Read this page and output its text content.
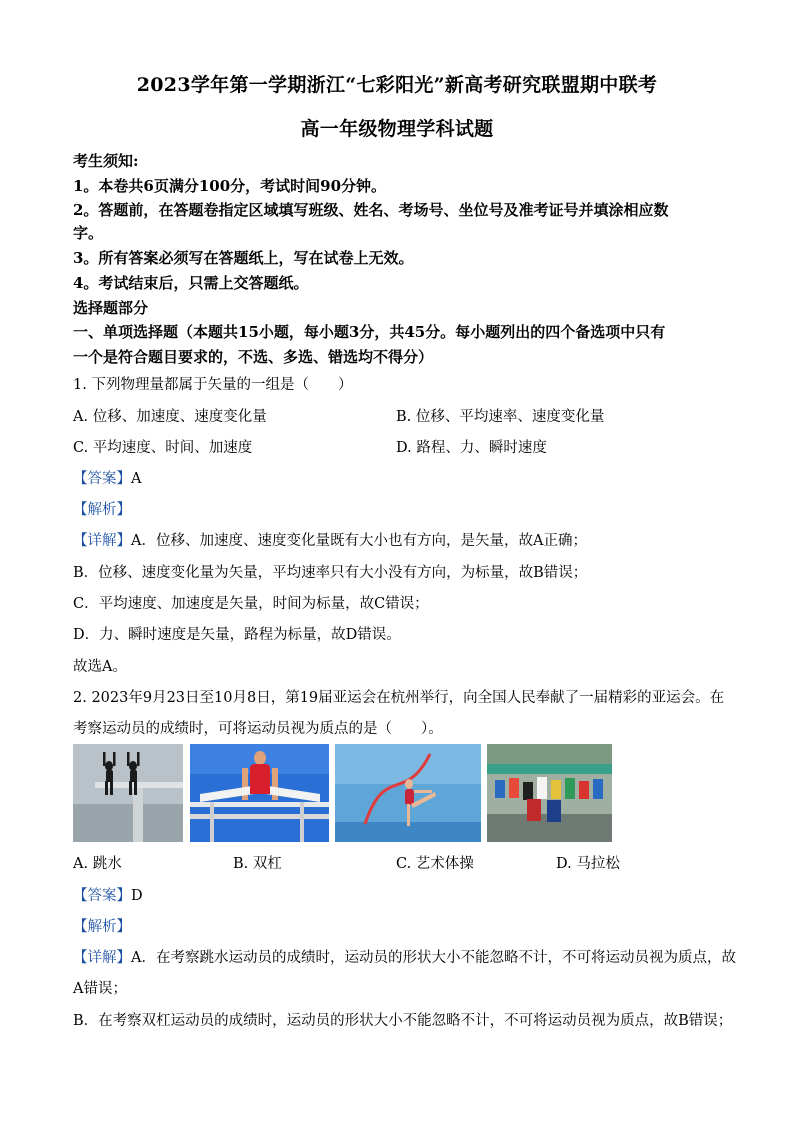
2023学年第一学期浙江“七彩阳光”新高考研究联盟期中联考
高一年级物理学科试题
考生须知:
1。本卷共6页满分100分，考试时间90分钟。
2。答题前，在答题卷指定区域填写班级、姓名、考场号、坐位号及准考证号并填涂相应数
字。
3。所有答案必须写在答题纸上，写在试卷上无效。
4。考试结束后，只需上交答题纸。
选择题部分
一、单项选择题（本题共15小题，每小题3分，共45分。每小题列出的四个备选项中只有
一个是符合题目要求的，不选、多选、错选均不得分）
1. 下列物理量都属于矢量的一组是（　　）
A. 位移、加速度、速度变化量	B. 位移、平均速率、速度变化量
C. 平均速度、时间、加速度	D. 路程、力、瞬时速度
【答案】A
【解析】
【详解】A．位移、加速度、速度变化量既有大小也有方向，是矢量，故A正确；
B．位移、速度变化量为矢量，平均速率只有大小没有方向，为标量，故B错误；
C．平均速度、加速度是矢量，时间为标量，故C错误；
D．力、瞬时速度是矢量，路程为标量，故D错误。
故选A。
2. 2023年9月23日至10月8日，第19届亚运会在杭州举行，向全国人民奉献了一届精彩的亚运会。在
考察运动员的成绩时，可将运动员视为质点的是（　　）。
A. 跳水	B. 双杠	C. 艺术体操	D. 马拉松
【答案】D
【解析】
【详解】A．在考察跳水运动员的成绩时，运动员的形状大小不能忽略不计，不可将运动员视为质点，故
A错误；
B．在考察双杠运动员的成绩时，运动员的形状大小不能忽略不计，不可将运动员视为质点，故B错误；
